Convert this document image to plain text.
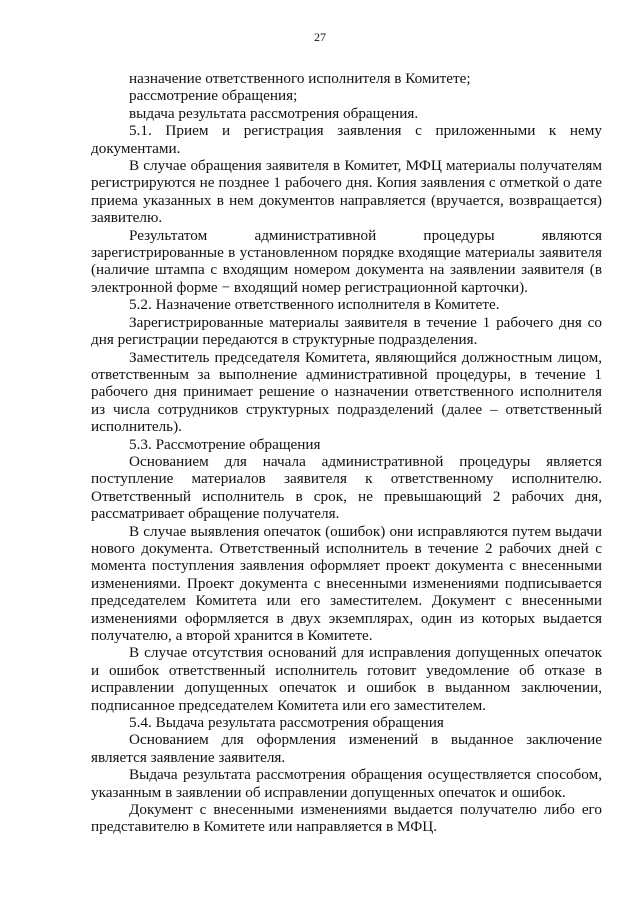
27

назначение ответственного исполнителя в Комитете;

рассмотрение обращения;

выдача результата рассмотрения обращения.

5.1. Прием и регистрация заявления с приложенными к нему документами.

В случае обращения заявителя в Комитет, МФЦ материалы получателям регистрируются не позднее 1 рабочего дня. Копия заявления с отметкой о дате приема указанных в нем документов направляется (вручается, возвращается) заявителю.

Результатом административной процедуры являются зарегистрированные в установленном порядке входящие материалы заявителя (наличие штампа с входящим номером документа на заявлении заявителя (в электронной форме − входящий номер регистрационной карточки).

5.2. Назначение ответственного исполнителя в Комитете.

Зарегистрированные материалы заявителя в течение 1 рабочего дня со дня регистрации передаются в структурные подразделения.

Заместитель председателя Комитета, являющийся должностным лицом, ответственным за выполнение административной процедуры, в течение 1 рабочего дня принимает решение о назначении ответственного исполнителя из числа сотрудников структурных подразделений (далее – ответственный исполнитель).

5.3. Рассмотрение обращения

Основанием для начала административной процедуры является поступление материалов заявителя к ответственному исполнителю. Ответственный исполнитель в срок, не превышающий 2 рабочих дня, рассматривает обращение получателя.

В случае выявления опечаток (ошибок) они исправляются путем выдачи нового документа. Ответственный исполнитель в течение 2 рабочих дней с момента поступления заявления оформляет проект документа с внесенными изменениями. Проект документа с внесенными изменениями подписывается председателем Комитета или его заместителем. Документ с внесенными изменениями оформляется в двух экземплярах, один из которых выдается получателю, а второй хранится в Комитете.

В случае отсутствия оснований для исправления допущенных опечаток и ошибок ответственный исполнитель готовит уведомление об отказе в исправлении допущенных опечаток и ошибок в выданном заключении, подписанное председателем Комитета или его заместителем.

5.4. Выдача результата рассмотрения обращения

Основанием для оформления изменений в выданное заключение является заявление заявителя.

Выдача результата рассмотрения обращения осуществляется способом, указанным в заявлении об исправлении допущенных опечаток и ошибок.

Документ с внесенными изменениями выдается получателю либо его представителю в Комитете или направляется в МФЦ.
